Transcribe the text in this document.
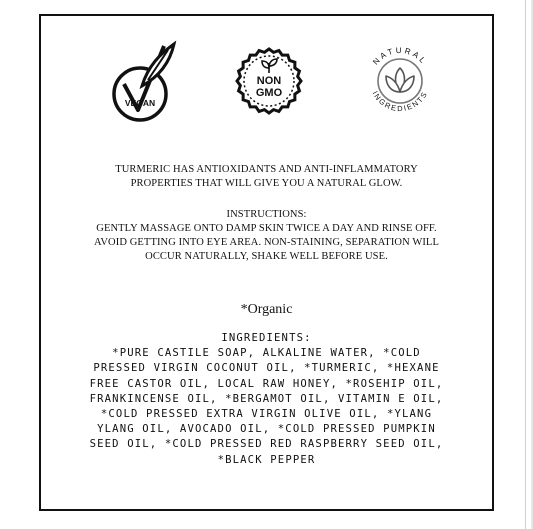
VEGAN
NON
GMO
NATURAL
INGREDIENTS
TURMERIC HAS ANTIOXIDANTS AND ANTI-INFLAMMATORY
PROPERTIES THAT WILL GIVE YOU A NATURAL GLOW.
INSTRUCTIONS:
GENTLY MASSAGE ONTO DAMP SKIN TWICE A DAY AND RINSE OFF.
AVOID GETTING INTO EYE AREA. NON-STAINING, SEPARATION WILL
OCCUR NATURALLY, SHAKE WELL BEFORE USE.
*Organic
INGREDIENTS:
*PURE CASTILE SOAP, ALKALINE WATER, *COLD
PRESSED VIRGIN COCONUT OIL, *TURMERIC, *HEXANE
FREE CASTOR OIL, LOCAL RAW HONEY, *ROSEHIP OIL,
FRANKINCENSE OIL, *BERGAMOT OIL, VITAMIN E OIL,
*COLD PRESSED EXTRA VIRGIN OLIVE OIL, *YLANG
YLANG OIL, AVOCADO OIL, *COLD PRESSED PUMPKIN
SEED OIL, *COLD PRESSED RED RASPBERRY SEED OIL,
*BLACK PEPPER
